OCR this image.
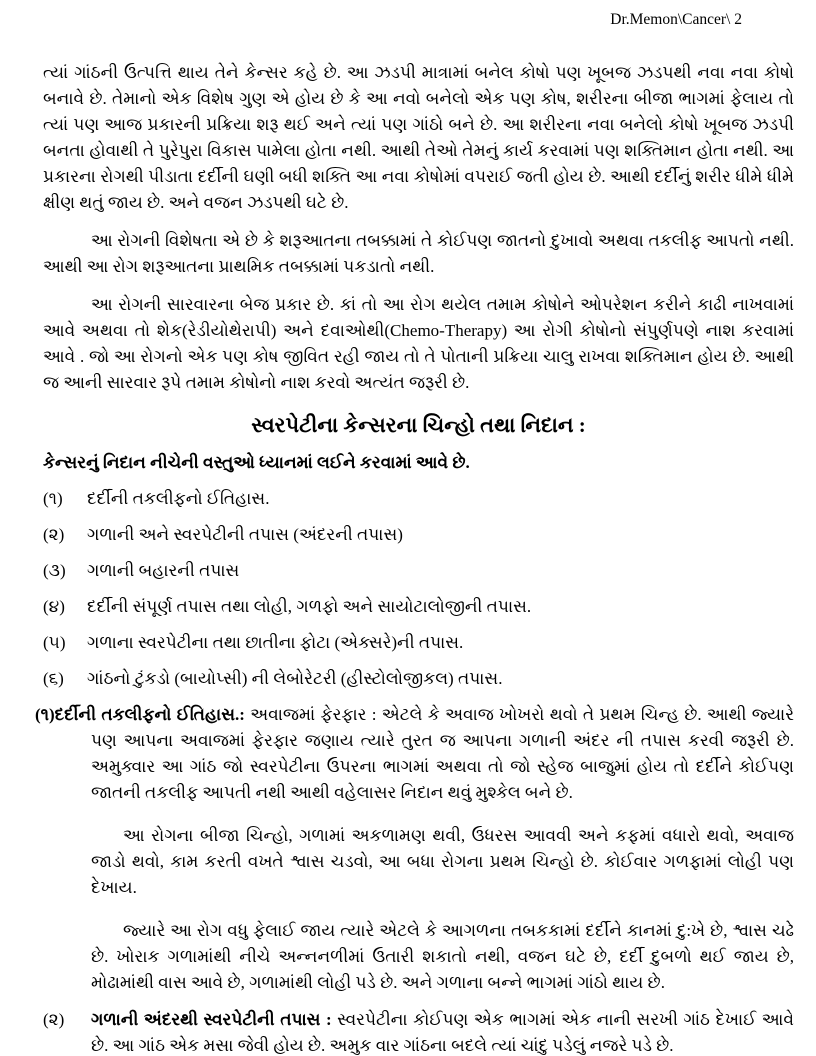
Dr.Memon\Cancer\ 2

ત્યાં ગાંઠની ઉત્પત્તિ થાય તેને કેન્સર કહે છે. આ ઝડપી માત્રામાં બનેલ કોષો પણ ખૂબજ ઝડપથી નવા નવા કોષો બનાવે છે. તેમાનો એક વિશેષ ગુણ એ હોય છે કે આ નવો બનેલો એક પણ કોષ, શરીરના બીજા ભાગમાં ફેલાય તો ત્યાં પણ આજ પ્રકારની પ્રક્રિયા શરૂ થઈ અને ત્યાં પણ ગાંઠો બને છે. આ શરીરના નવા બનેલો કોષો ખૂબજ ઝડપી બનતા હોવાથી તે પુરેપુરા વિકાસ પામેલા હોતા નથી. આથી તેઓ તેમનું કાર્ય કરવામાં પણ શક્તિમાન હોતા નથી. આ પ્રકારના રોગથી પીડાતા દર્દીની ઘણી બધી શક્તિ આ નવા કોષોમાં વપરાઈ જતી હોય છે. આથી દર્દીનું શરીર ધીમે ધીમે ક્ષીણ થતું જાય છે. અને વજન ઝડપથી ઘટે છે.

આ રોગની વિશેષતા એ છે કે શરૂઆતના તબક્કામાં તે કોઈપણ જાતનો દુખાવો અથવા તકલીફ આપતો નથી. આથી આ રોગ શરૂઆતના પ્રાથમિક તબક્કામાં પકડાતો નથી.

આ રોગની સારવારના બેજ પ્રકાર છે. કાં તો આ રોગ થયેલ તમામ કોષોને ઓપરેશન કરીને કાઢી નાખવામાં આવે અથવા તો શેક(રેડીયોથેરાપી) અને દવાઓથી(Chemo-Therapy) આ રોગી કોષોનો સંપુર્ણપણે નાશ કરવામાં આવે . જો આ રોગનો એક પણ કોષ જીવિત રહી જાય તો તે પોતાની પ્રક્રિયા ચાલુ રાખવા શક્તિમાન હોય છે. આથી જ આની સારવાર રૂપે તમામ કોષોનો નાશ કરવો અત્યંત જરૂરી છે.

સ્વરપેટીના કેન્સરના ચિન્હો તથા નિદાન :

કેન્સરનું નિદાન નીચેની વસ્તુઓ ધ્યાનમાં લઈને કરવામાં આવે છે.

(૧) દર્દીની તકલીફનો ઈતિહાસ.
(૨) ગળાની અને સ્વરપેટીની તપાસ (અંદરની તપાસ)
(૩) ગળાની બહારની તપાસ
(૪) દર્દીની સંપૂર્ણ તપાસ તથા લોહી, ગળફો અને સાયોટાલોજીની તપાસ.
(૫) ગળાના સ્વરપેટીના તથા છાતીના ફોટા (એક્સરે)ની તપાસ.
(૬) ગાંઠનો ટુંકડો (બાયોપ્સી) ની લેબોરેટરી (હીસ્ટોલોજીકલ) તપાસ.
(૧)દર્દીની તકલીફનો ઈતિહાસ.: અવાજમાં ફેરફાર : એટલે કે અવાજ ખોખરો થવો તે પ્રથમ ચિન્હ છે. આથી જ્યારે પણ આપના અવાજમાં ફેરફાર જણાય ત્યારે તુરત જ આપના ગળાની અંદર ની તપાસ કરવી જરૂરી છે. અમુક્વાર આ ગાંઠ જો સ્વરપેટીના ઉપરના ભાગમાં અથવા તો જો સ્હેજ બાજુમાં હોય તો દર્દીને કોઈપણ જાતની તકલીફ આપતી નથી આથી વહેલાસર નિદાન થવું મુશ્કેલ બને છે.

આ રોગના બીજા ચિન્હો, ગળામાં અકળામણ થવી, ઉધરસ આવવી અને કફમાં વધારો થવો, અવાજ જાડો થવો, કામ કરતી વખતે શ્વાસ ચડવો, આ બધા રોગના પ્રથમ ચિન્હો છે. કોઈવાર ગળફામાં લોહી પણ દેખાય.

જ્યારે આ રોગ વધુ ફેલાઈ જાય ત્યારે એટલે કે આગળના તબકકામાં દર્દીને કાનમાં દુ:ખે છે, શ્વાસ ચઢે છે. ખોરાક ગળામાંથી નીચે અન્નનળીમાં ઉતારી શકાતો નથી, વજન ઘટે છે, દર્દી દુબળો થઈ જાય છે, મોઢામાંથી વાસ આવે છે, ગળામાંથી લોહી પડે છે. અને ગળાના બન્ને ભાગમાં ગાંઠો થાય છે.

(૨) ગળાની અંદરથી સ્વરપેટીની તપાસ : સ્વરપેટીના કોઈપણ એક ભાગમાં એક નાની સરખી ગાંઠ દેખાઈ આવે છે. આ ગાંઠ એક મસા જેવી હોય છે. અમુક વાર ગાંઠના બદલે ત્યાં ચાંદુ પડેલું નજરે પડે છે.
